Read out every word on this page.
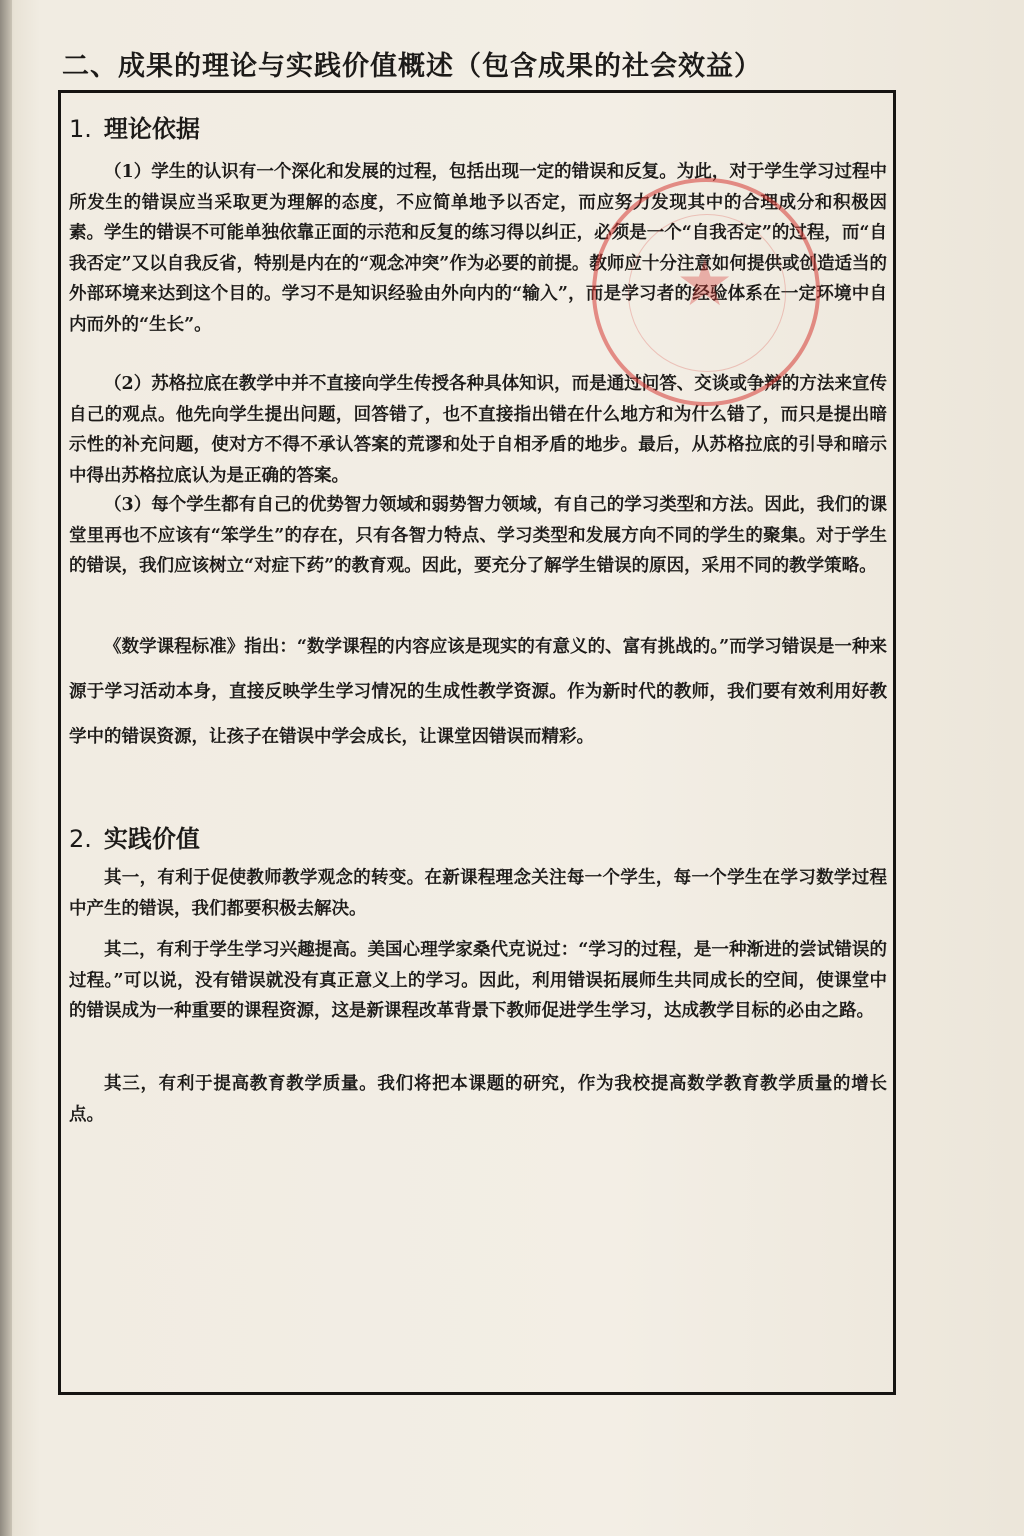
二、成果的理论与实践价值概述（包含成果的社会效益）
1. 理论依据

（1）学生的认识有一个深化和发展的过程，包括出现一定的错误和反复。为此，对于学生学习过程中所发生的错误应当采取更为理解的态度，不应简单地予以否定，而应努力发现其中的合理成分和积极因素。学生的错误不可能单独依靠正面的示范和反复的练习得以纠正，必须是一个“自我否定”的过程，而“自我否定”又以自我反省，特别是内在的“观念冲突”作为必要的前提。教师应十分注意如何提供或创造适当的外部环境来达到这个目的。学习不是知识经验由外向内的“输入”，而是学习者的经验体系在一定环境中自内而外的“生长”。

（2）苏格拉底在教学中并不直接向学生传授各种具体知识，而是通过问答、交谈或争辩的方法来宣传自己的观点。他先向学生提出问题，回答错了，也不直接指出错在什么地方和为什么错了，而只是提出暗示性的补充问题，使对方不得不承认答案的荒谬和处于自相矛盾的地步。最后，从苏格拉底的引导和暗示中得出苏格拉底认为是正确的答案。

（3）每个学生都有自己的优势智力领域和弱势智力领域，有自己的学习类型和方法。因此，我们的课堂里再也不应该有“笨学生”的存在，只有各智力特点、学习类型和发展方向不同的学生的聚集。对于学生的错误，我们应该树立“对症下药”的教育观。因此，要充分了解学生错误的原因，采用不同的教学策略。

《数学课程标准》指出：“数学课程的内容应该是现实的有意义的、富有挑战的。”而学习错误是一种来源于学习活动本身，直接反映学生学习情况的生成性教学资源。作为新时代的教师，我们要有效利用好教学中的错误资源，让孩子在错误中学会成长，让课堂因错误而精彩。

2. 实践价值

其一，有利于促使教师教学观念的转变。在新课程理念关注每一个学生，每一个学生在学习数学过程中产生的错误，我们都要积极去解决。

其二，有利于学生学习兴趣提高。美国心理学家桑代克说过：“学习的过程，是一种渐进的尝试错误的过程。”可以说，没有错误就没有真正意义上的学习。因此，利用错误拓展师生共同成长的空间，使课堂中的错误成为一种重要的课程资源，这是新课程改革背景下教师促进学生学习，达成教学目标的必由之路。

其三，有利于提高教育教学质量。我们将把本课题的研究，作为我校提高数学教育教学质量的增长点。

★
